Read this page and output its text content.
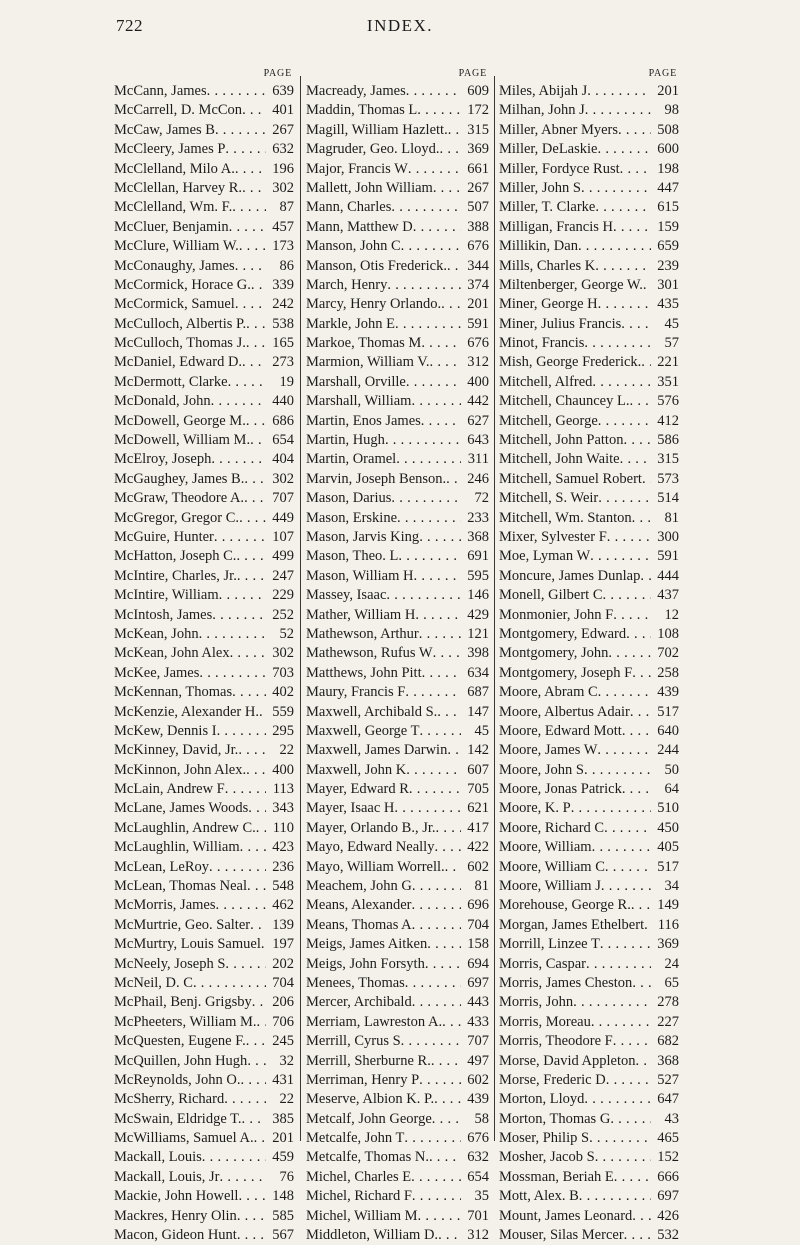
722	INDEX.
PAGE
McCann, James . . .	639
McCarrell, D. McCon . . .	401
McCaw, James B . . .	267
McCleery, James P . . .	632
McClelland, Milo A. . . .	196
McClellan, Harvey R. . . .	302
McClelland, Wm. F. . . .	87
McCluer, Benjamin . . .	457
McClure, William W. . . .	173
McConaughy, James . . .	86
McCormick, Horace G. . . .	339
McCormick, Samuel . . .	242
McCulloch, Albertis P. . . .	538
McCulloch, Thomas J. . . .	165
McDaniel, Edward D. . . .	273
McDermott, Clarke . . .	19
McDonald, John . . .	440
McDowell, George M. . . .	686
McDowell, William M. . . .	654
McElroy, Joseph . . .	404
McGaughey, James B. . . .	302
McGraw, Theodore A. . . .	707
McGregor, Gregor C. . . .	449
McGuire, Hunter . . .	107
McHatton, Joseph C. . . .	499
McIntire, Charles, Jr. . . .	247
McIntire, William . . .	229
McIntosh, James . . .	252
McKean, John . . .	52
McKean, John Alex . . .	302
McKee, James . . .	703
McKennan, Thomas . . .	402
McKenzie, Alexander H. . . . 559
McKew, Dennis I . . .	295
McKinney, David, Jr. . . .	22
McKinnon, John Alex. . . .	400
McLain, Andrew F . . .	113
McLane, James Woods . . .	343
McLaughlin, Andrew C. . . .	110
McLaughlin, William . . .	423
McLean, LeRoy . . .	236
McLean, Thomas Neal . . .	548
McMorris, James . . .	462
McMurtrie, Geo. Salter . . .	139
McMurtry, Louis Samuel . . . 197
McNeely, Joseph S . . .	202
McNeil, D. C . . .	704
McPhail, Benj. Grigsby . . .	206
McPheeters, William M. . . .	706
McQuesten, Eugene F. . . .	245
McQuillen, John Hugh . . .	32
McReynolds, John O. . . .	431
McSherry, Richard . . .	22
McSwain, Eldridge T. . . .	385
McWilliams, Samuel A. . . .	201
Mackall, Louis . . .	459
Mackall, Louis, Jr . . .	76
Mackie, John Howell . . .	148
Mackres, Henry Olin . . .	585
Macon, Gideon Hunt . . .	567
PAGE
Macready, James . . .	609
Maddin, Thomas L . . .	172
Magill, William Hazlett. . . .	315
Magruder, Geo. Lloyd. . . .	369
Major, Francis W . . .	661
Mallett, John William . . .	267
Mann, Charles . . .	507
Mann, Matthew D . . .	388
Manson, John C . . .	676
Manson, Otis Frederick. . . .	344
March, Henry . . .	374
Marcy, Henry Orlando. . . .	201
Markle, John E . . .	591
Markoe, Thomas M . . .	676
Marmion, William V. . . .	312
Marshall, Orville . . .	400
Marshall, William . . .	442
Martin, Enos James . . .	627
Martin, Hugh . . .	643
Martin, Oramel . . .	311
Marvin, Joseph Benson. . . .	246
Mason, Darius . . .	72
Mason, Erskine . . .	233
Mason, Jarvis King . . .	368
Mason, Theo. L . . .	691
Mason, William H . . .	595
Massey, Isaac . . .	146
Mather, William H . . .	429
Mathewson, Arthur . . .	121
Mathewson, Rufus W . . .	398
Matthews, John Pitt . . .	634
Maury, Francis F . . .	687
Maxwell, Archibald S. . . .	147
Maxwell, George T . . .	45
Maxwell, James Darwin . . .	142
Maxwell, John K . . .	607
Mayer, Edward R . . .	705
Mayer, Isaac H . . .	621
Mayer, Orlando B., Jr. . . .	417
Mayo, Edward Neally . . .	422
Mayo, William Worrell. . . .	602
Meachem, John G . . .	81
Means, Alexander . . .	696
Means, Thomas A . . .	704
Meigs, James Aitken . . .	158
Meigs, John Forsyth . . .	694
Menees, Thomas . . .	697
Mercer, Archibald . . .	443
Merriam, Lawreston A. . . .	433
Merrill, Cyrus S . . .	707
Merrill, Sherburne R. . . .	497
Merriman, Henry P . . .	602
Meserve, Albion K. P. . . .	439
Metcalf, John George . . .	58
Metcalfe, John T . . .	676
Metcalfe, Thomas N. . . .	632
Michel, Charles E . . .	654
Michel, Richard F . . .	35
Michel, William M . . .	701
Middleton, William D. . . .	312
PAGE
Miles, Abijah J . . .	201
Milhan, John J . . .	98
Miller, Abner Myers . . .	508
Miller, DeLaskie . . .	600
Miller, Fordyce Rust . . .	198
Miller, John S . . .	447
Miller, T. Clarke . . .	615
Milligan, Francis H . . .	159
Millikin, Dan . . .	659
Mills, Charles K . . .	239
Miltenberger, George W. . . . 301
Miner, George H . . .	435
Miner, Julius Francis . . .	45
Minot, Francis . . .	57
Mish, George Frederick. . . .	221
Mitchell, Alfred . . .	351
Mitchell, Chauncey L. . . .	576
Mitchell, George . . .	412
Mitchell, John Patton . . .	586
Mitchell, John Waite . . .	315
Mitchell, Samuel Robert . . .	573
Mitchell, S. Weir . . .	514
Mitchell, Wm. Stanton . . .	81
Mixer, Sylvester F . . .	300
Moe, Lyman W . . .	591
Moncure, James Dunlap . . .	444
Monell, Gilbert C . . .	437
Monmonier, John F . . .	12
Montgomery, Edward . . .	108
Montgomery, John . . .	702
Montgomery, Joseph F . . .	258
Moore, Abram C . . .	439
Moore, Albertus Adair . . .	517
Moore, Edward Mott . . .	640
Moore, James W . . .	244
Moore, John S . . .	50
Moore, Jonas Patrick . . .	64
Moore, K. P . . .	510
Moore, Richard C . . .	450
Moore, William . . .	405
Moore, William C . . .	517
Moore, William J . . .	34
Morehouse, George R. . . .	149
Morgan, James Ethelbert . . . 116
Morrill, Linzee T . . .	369
Morris, Caspar . . .	24
Morris, James Cheston . . .	65
Morris, John . . .	278
Morris, Moreau . . .	227
Morris, Theodore F . . .	682
Morse, David Appleton . . .	368
Morse, Frederic D . . .	527
Morton, Lloyd . . .	647
Morton, Thomas G . . .	43
Moser, Philip S . . .	465
Mosher, Jacob S . . .	152
Mossman, Beriah E . . .	666
Mott, Alex. B . . .	697
Mount, James Leonard . . .	426
Mouser, Silas Mercer . . .	532
